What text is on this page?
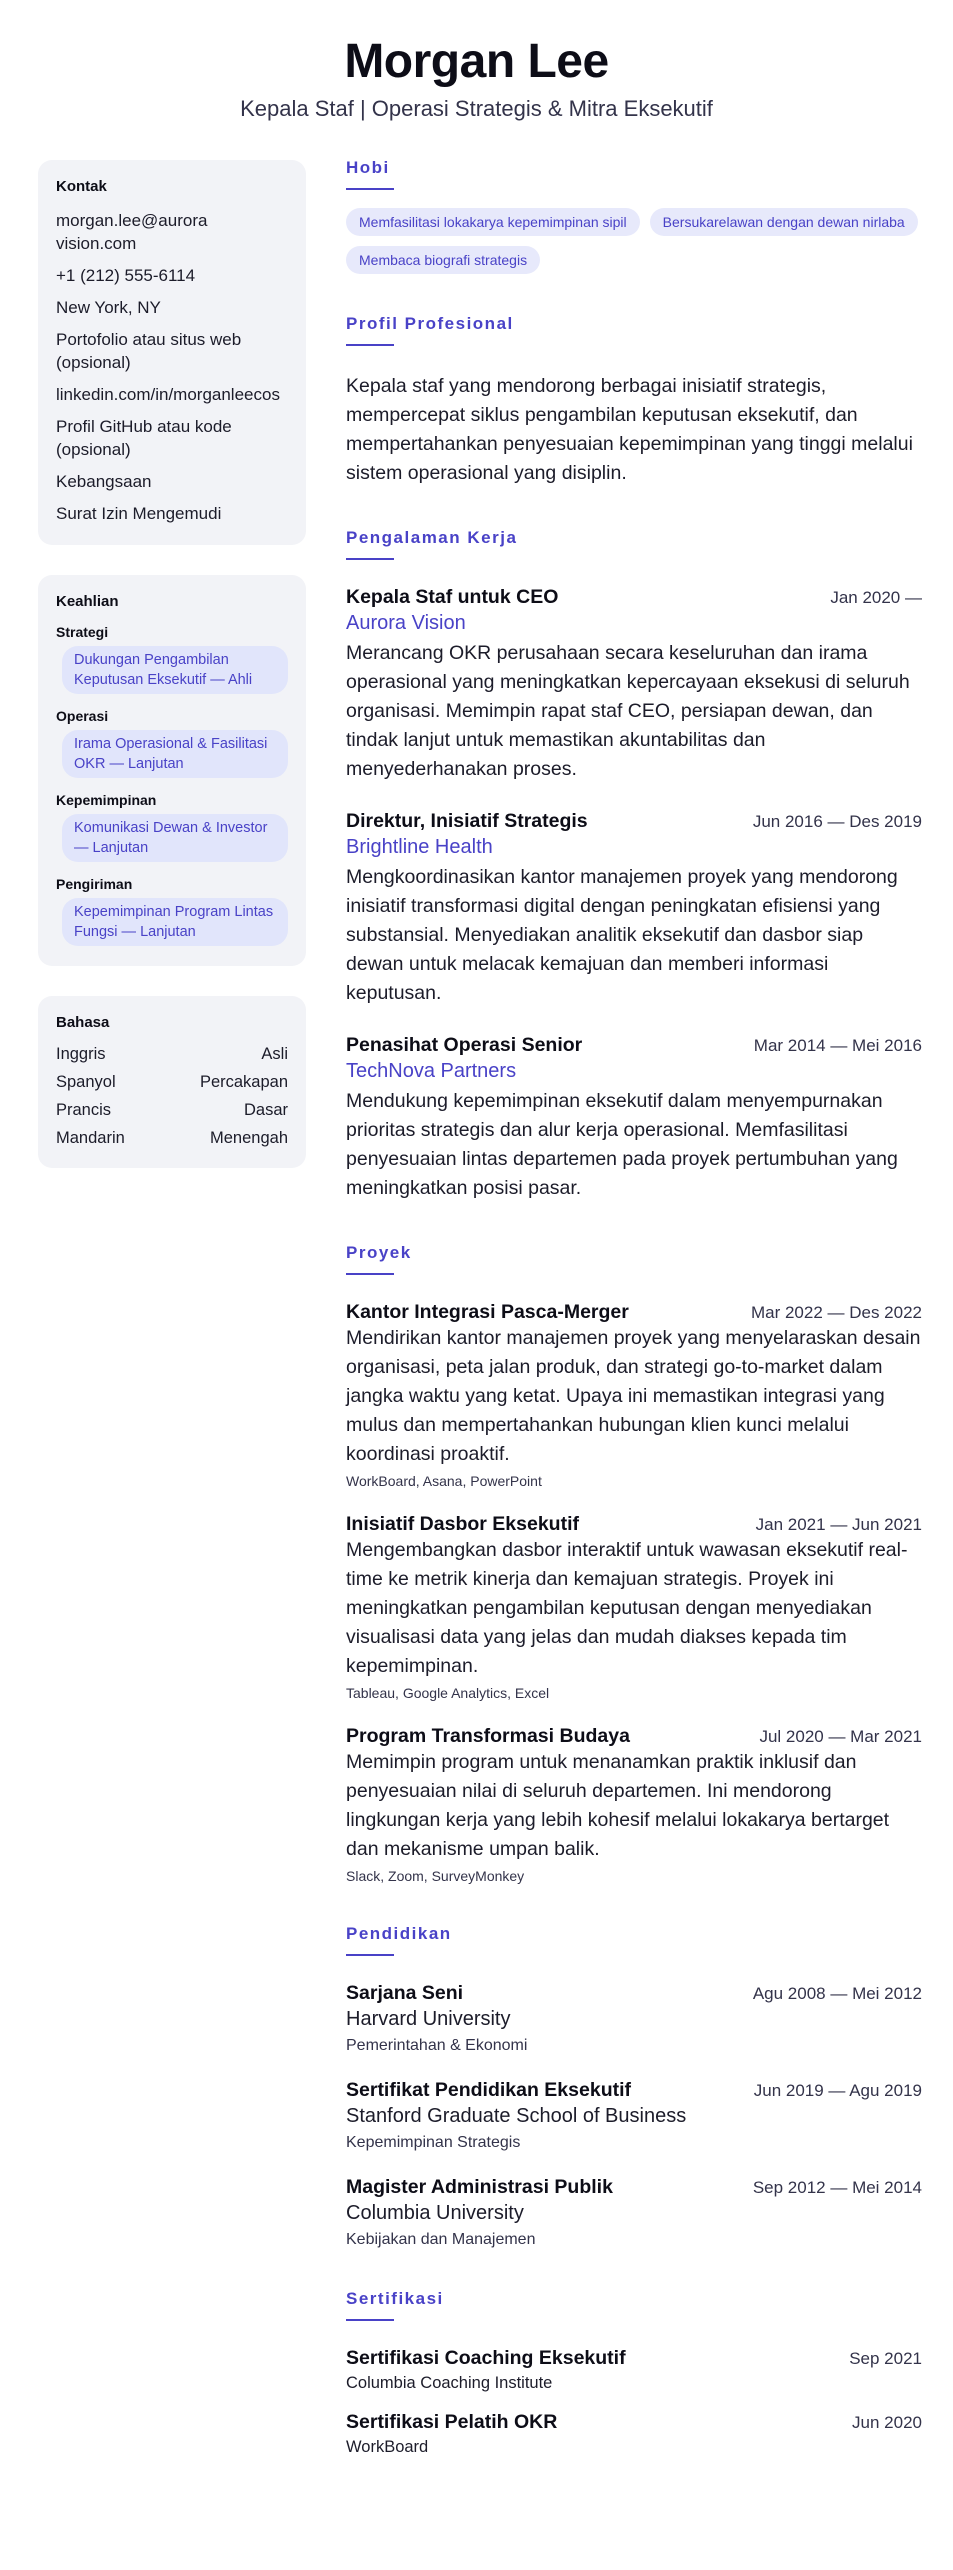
Morgan Lee
Kepala Staf | Operasi Strategis & Mitra Eksekutif
Kontak
morgan.lee@aurora vision.com
+1 (212) 555-6114
New York, NY
Portofolio atau situs web (opsional)
linkedin.com/in/morganleecos
Profil GitHub atau kode (opsional)
Kebangsaan
Surat Izin Mengemudi
Keahlian
Strategi
Dukungan Pengambilan Keputusan Eksekutif — Ahli
Operasi
Irama Operasional & Fasilitasi OKR — Lanjutan
Kepemimpinan
Komunikasi Dewan & Investor — Lanjutan
Pengiriman
Kepemimpinan Program Lintas Fungsi — Lanjutan
Bahasa
Inggris	Asli
Spanyol	Percakapan
Prancis	Dasar
Mandarin	Menengah
Hobi
Memfasilitasi lokakarya kepemimpinan sipil	Bersukarelawan dengan dewan nirlaba
Membaca biografi strategis
Profil Profesional
Kepala staf yang mendorong berbagai inisiatif strategis, mempercepat siklus pengambilan keputusan eksekutif, dan mempertahankan penyesuaian kepemimpinan yang tinggi melalui sistem operasional yang disiplin.
Pengalaman Kerja
Kepala Staf untuk CEO	Jan 2020 —
Aurora Vision
Merancang OKR perusahaan secara keseluruhan dan irama operasional yang meningkatkan kepercayaan eksekusi di seluruh organisasi. Memimpin rapat staf CEO, persiapan dewan, dan tindak lanjut untuk memastikan akuntabilitas dan menyederhanakan proses.
Direktur, Inisiatif Strategis	Jun 2016 — Des 2019
Brightline Health
Mengkoordinasikan kantor manajemen proyek yang mendorong inisiatif transformasi digital dengan peningkatan efisiensi yang substansial. Menyediakan analitik eksekutif dan dasbor siap dewan untuk melacak kemajuan dan memberi informasi keputusan.
Penasihat Operasi Senior	Mar 2014 — Mei 2016
TechNova Partners
Mendukung kepemimpinan eksekutif dalam menyempurnakan prioritas strategis dan alur kerja operasional. Memfasilitasi penyesuaian lintas departemen pada proyek pertumbuhan yang meningkatkan posisi pasar.
Proyek
Kantor Integrasi Pasca-Merger	Mar 2022 — Des 2022
Mendirikan kantor manajemen proyek yang menyelaraskan desain organisasi, peta jalan produk, dan strategi go-to-market dalam jangka waktu yang ketat. Upaya ini memastikan integrasi yang mulus dan mempertahankan hubungan klien kunci melalui koordinasi proaktif.
WorkBoard, Asana, PowerPoint
Inisiatif Dasbor Eksekutif	Jan 2021 — Jun 2021
Mengembangkan dasbor interaktif untuk wawasan eksekutif real-time ke metrik kinerja dan kemajuan strategis. Proyek ini meningkatkan pengambilan keputusan dengan menyediakan visualisasi data yang jelas dan mudah diakses kepada tim kepemimpinan.
Tableau, Google Analytics, Excel
Program Transformasi Budaya	Jul 2020 — Mar 2021
Memimpin program untuk menanamkan praktik inklusif dan penyesuaian nilai di seluruh departemen. Ini mendorong lingkungan kerja yang lebih kohesif melalui lokakarya bertarget dan mekanisme umpan balik.
Slack, Zoom, SurveyMonkey
Pendidikan
Sarjana Seni	Agu 2008 — Mei 2012
Harvard University
Pemerintahan & Ekonomi
Sertifikat Pendidikan Eksekutif	Jun 2019 — Agu 2019
Stanford Graduate School of Business
Kepemimpinan Strategis
Magister Administrasi Publik	Sep 2012 — Mei 2014
Columbia University
Kebijakan dan Manajemen
Sertifikasi
Sertifikasi Coaching Eksekutif	Sep 2021
Columbia Coaching Institute
Sertifikasi Pelatih OKR	Jun 2020
WorkBoard
